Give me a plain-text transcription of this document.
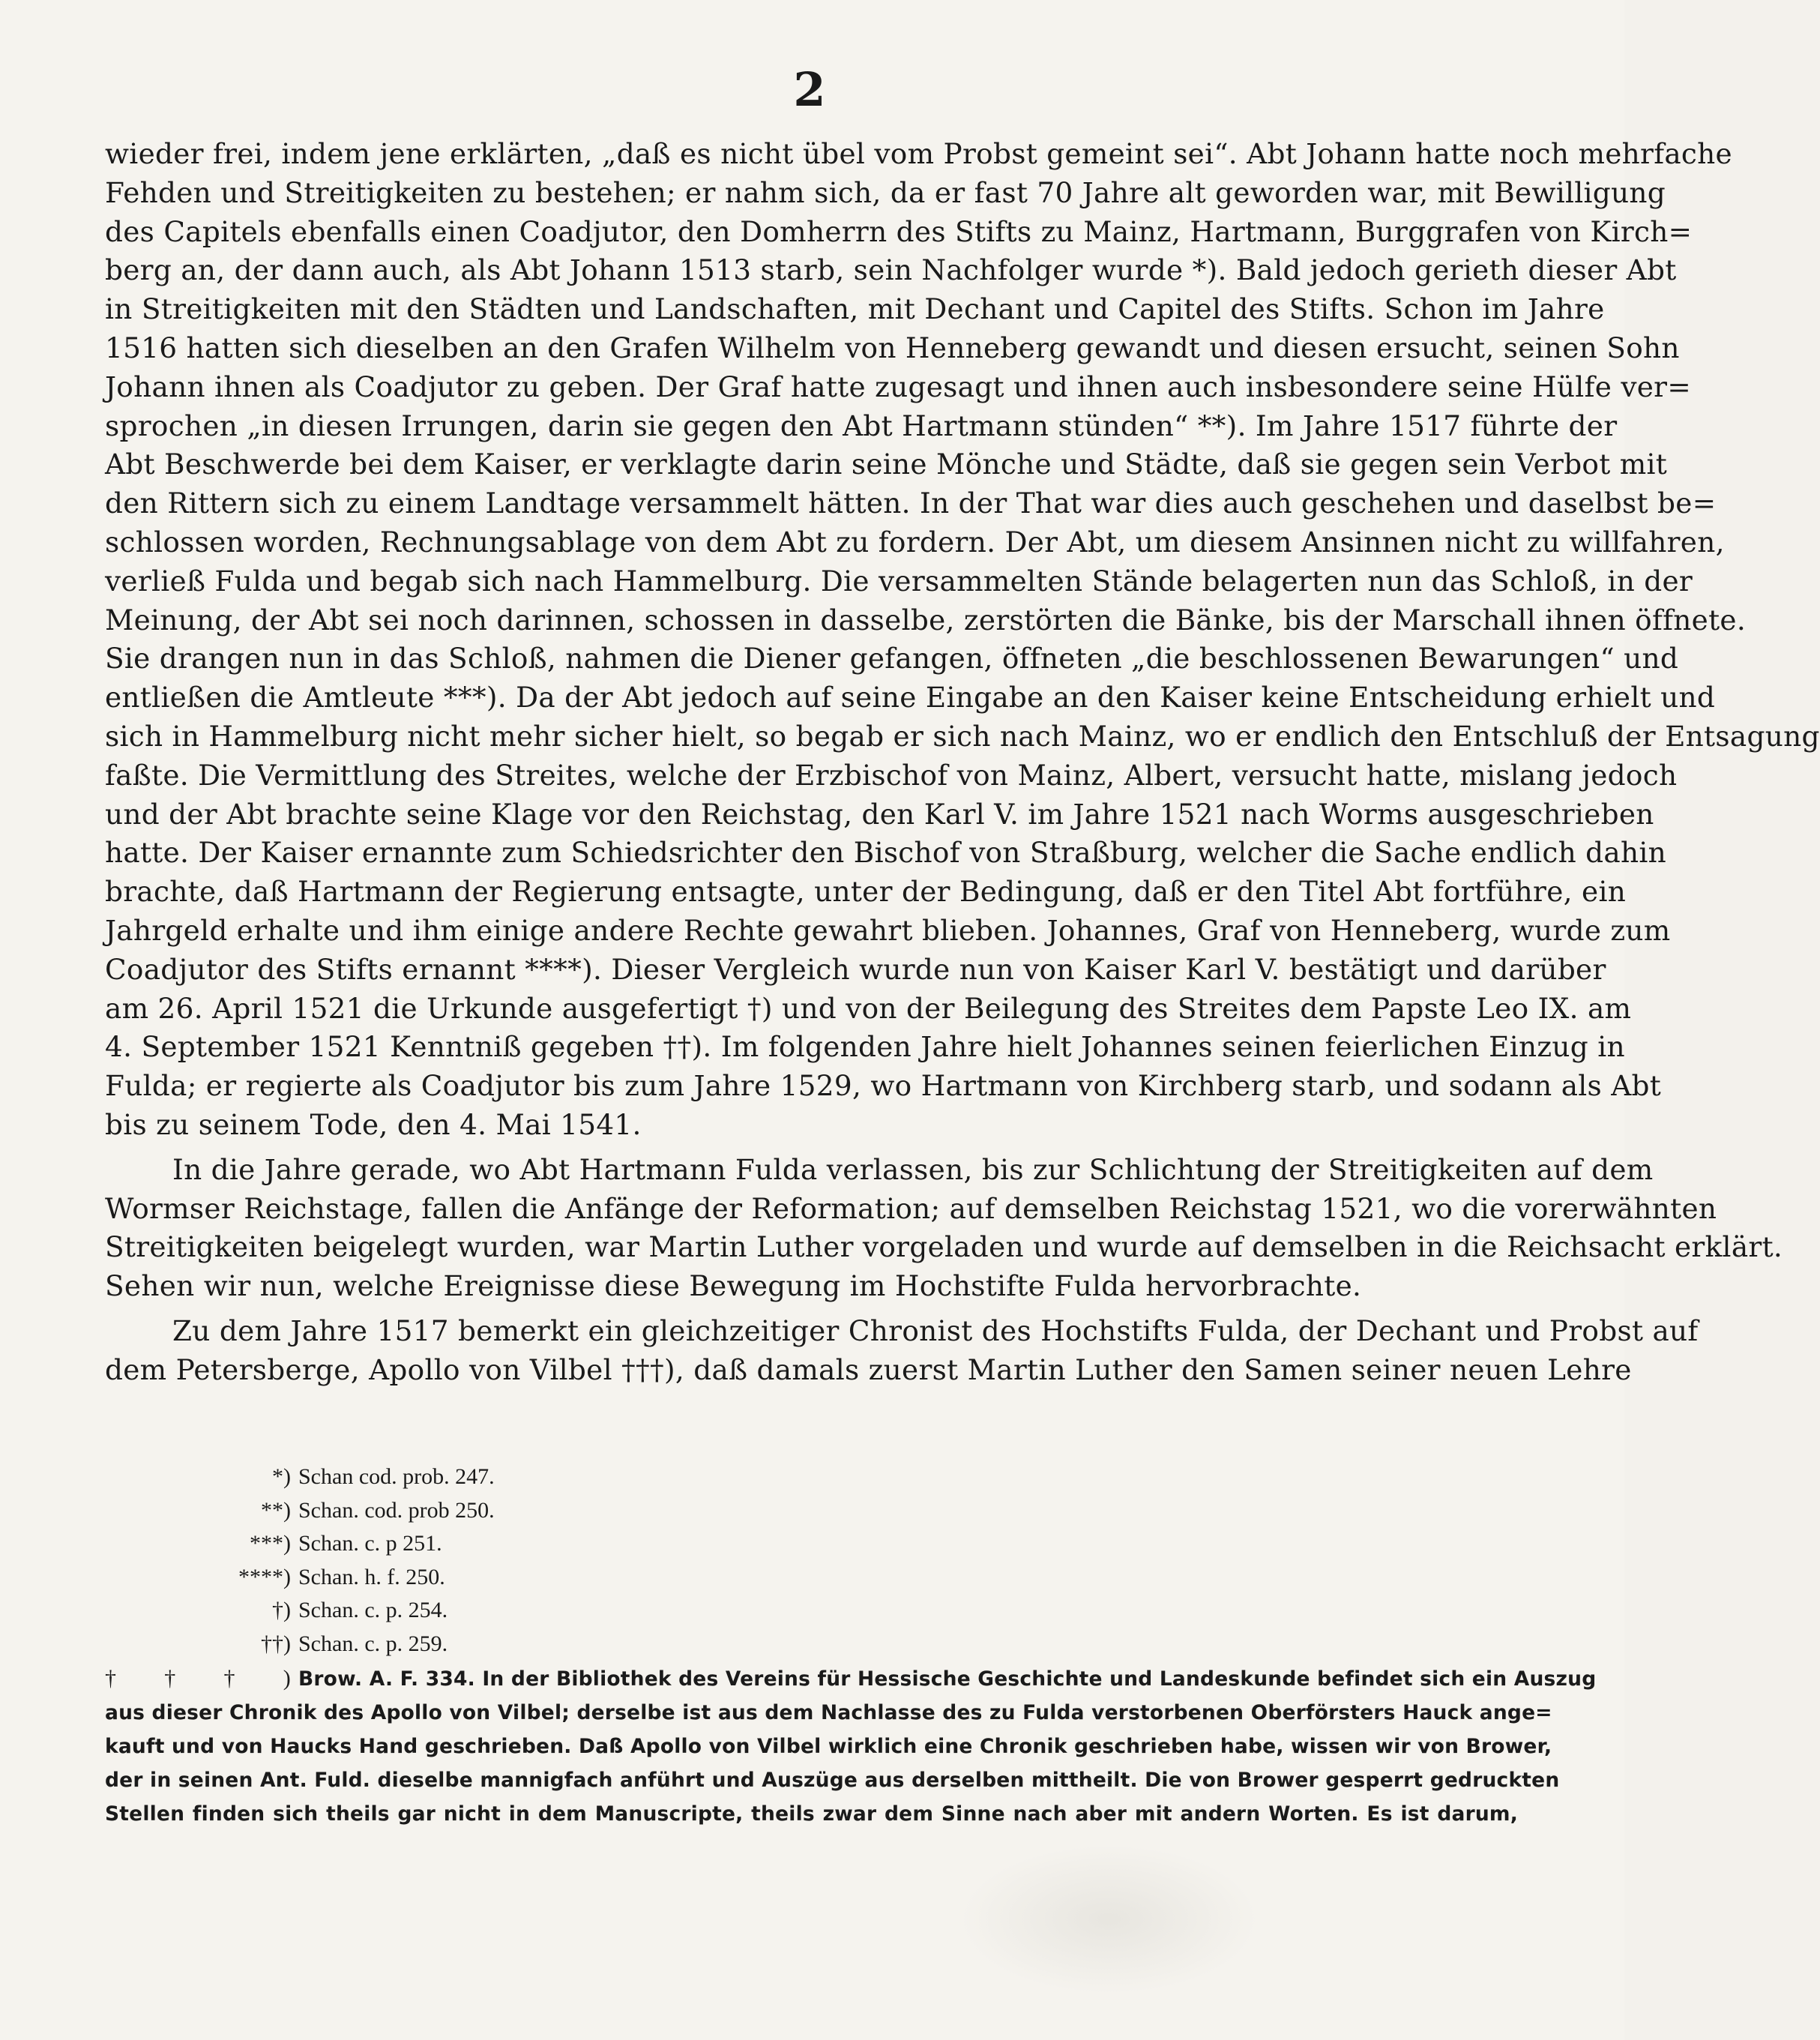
2

wieder frei, indem jene erklärten, „daß es nicht übel vom Probst gemeint sei“. Abt Johann hatte noch mehrfache
Fehden und Streitigkeiten zu bestehen; er nahm sich, da er fast 70 Jahre alt geworden war, mit Bewilligung
des Capitels ebenfalls einen Coadjutor, den Domherrn des Stifts zu Mainz, Hartmann, Burggrafen von Kirch=
berg an, der dann auch, als Abt Johann 1513 starb, sein Nachfolger wurde *). Bald jedoch gerieth dieser Abt
in Streitigkeiten mit den Städten und Landschaften, mit Dechant und Capitel des Stifts. Schon im Jahre
1516 hatten sich dieselben an den Grafen Wilhelm von Henneberg gewandt und diesen ersucht, seinen Sohn
Johann ihnen als Coadjutor zu geben. Der Graf hatte zugesagt und ihnen auch insbesondere seine Hülfe ver=
sprochen „in diesen Irrungen, darin sie gegen den Abt Hartmann stünden“ **). Im Jahre 1517 führte der
Abt Beschwerde bei dem Kaiser, er verklagte darin seine Mönche und Städte, daß sie gegen sein Verbot mit
den Rittern sich zu einem Landtage versammelt hätten. In der That war dies auch geschehen und daselbst be=
schlossen worden, Rechnungsablage von dem Abt zu fordern. Der Abt, um diesem Ansinnen nicht zu willfahren,
verließ Fulda und begab sich nach Hammelburg. Die versammelten Stände belagerten nun das Schloß, in der
Meinung, der Abt sei noch darinnen, schossen in dasselbe, zerstörten die Bänke, bis der Marschall ihnen öffnete.
Sie drangen nun in das Schloß, nahmen die Diener gefangen, öffneten „die beschlossenen Bewarungen“ und
entließen die Amtleute ***). Da der Abt jedoch auf seine Eingabe an den Kaiser keine Entscheidung erhielt und
sich in Hammelburg nicht mehr sicher hielt, so begab er sich nach Mainz, wo er endlich den Entschluß der Entsagung
faßte. Die Vermittlung des Streites, welche der Erzbischof von Mainz, Albert, versucht hatte, mislang jedoch
und der Abt brachte seine Klage vor den Reichstag, den Karl V. im Jahre 1521 nach Worms ausgeschrieben
hatte. Der Kaiser ernannte zum Schiedsrichter den Bischof von Straßburg, welcher die Sache endlich dahin
brachte, daß Hartmann der Regierung entsagte, unter der Bedingung, daß er den Titel Abt fortführe, ein
Jahrgeld erhalte und ihm einige andere Rechte gewahrt blieben. Johannes, Graf von Henneberg, wurde zum
Coadjutor des Stifts ernannt ****). Dieser Vergleich wurde nun von Kaiser Karl V. bestätigt und darüber
am 26. April 1521 die Urkunde ausgefertigt †) und von der Beilegung des Streites dem Papste Leo IX. am
4. September 1521 Kenntniß gegeben ††). Im folgenden Jahre hielt Johannes seinen feierlichen Einzug in
Fulda; er regierte als Coadjutor bis zum Jahre 1529, wo Hartmann von Kirchberg starb, und sodann als Abt
bis zu seinem Tode, den 4. Mai 1541.

In die Jahre gerade, wo Abt Hartmann Fulda verlassen, bis zur Schlichtung der Streitigkeiten auf dem
Wormser Reichstage, fallen die Anfänge der Reformation; auf demselben Reichstag 1521, wo die vorerwähnten
Streitigkeiten beigelegt wurden, war Martin Luther vorgeladen und wurde auf demselben in die Reichsacht erklärt.
Sehen wir nun, welche Ereignisse diese Bewegung im Hochstifte Fulda hervorbrachte.

Zu dem Jahre 1517 bemerkt ein gleichzeitiger Chronist des Hochstifts Fulda, der Dechant und Probst auf
dem Petersberge, Apollo von Vilbel †††), daß damals zuerst Martin Luther den Samen seiner neuen Lehre

*) Schan cod. prob. 247.
**) Schan. cod. prob 250.
***) Schan. c. p 251.
****) Schan. h. f. 250.
†) Schan. c. p. 254.
††) Schan. c. p. 259.
†††) Brow. A. F. 334. In der Bibliothek des Vereins für Hessische Geschichte und Landeskunde befindet sich ein Auszug
aus dieser Chronik des Apollo von Vilbel; derselbe ist aus dem Nachlasse des zu Fulda verstorbenen Oberförsters Hauck ange=
kauft und von Haucks Hand geschrieben. Daß Apollo von Vilbel wirklich eine Chronik geschrieben habe, wissen wir von Brower,
der in seinen Ant. Fuld. dieselbe mannigfach anführt und Auszüge aus derselben mittheilt. Die von Brower gesperrt gedruckten
Stellen finden sich theils gar nicht in dem Manuscripte, theils zwar dem Sinne nach aber mit andern Worten. Es ist darum,
